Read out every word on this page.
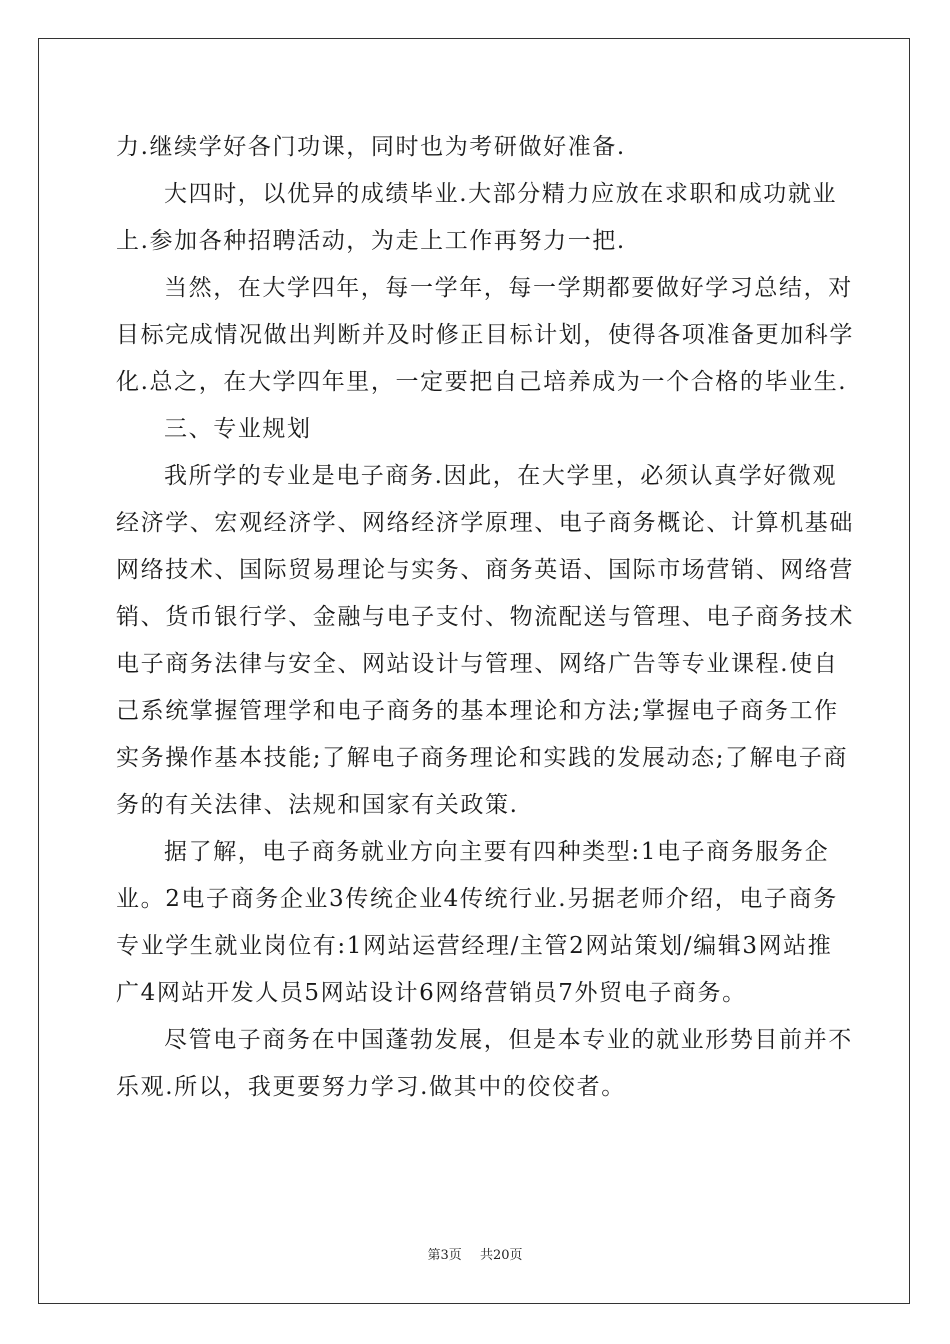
力.继续学好各门功课，同时也为考研做好准备.
大四时，以优异的成绩毕业.大部分精力应放在求职和成功就业
上.参加各种招聘活动，为走上工作再努力一把.
当然，在大学四年，每一学年，每一学期都要做好学习总结，对
目标完成情况做出判断并及时修正目标计划，使得各项准备更加科学
化.总之，在大学四年里，一定要把自己培养成为一个合格的毕业生.
三、专业规划
我所学的专业是电子商务.因此，在大学里，必须认真学好微观
经济学、宏观经济学、网络经济学原理、电子商务概论、计算机基础
网络技术、国际贸易理论与实务、商务英语、国际市场营销、网络营
销、货币银行学、金融与电子支付、物流配送与管理、电子商务技术
电子商务法律与安全、网站设计与管理、网络广告等专业课程.使自
己系统掌握管理学和电子商务的基本理论和方法;掌握电子商务工作
实务操作基本技能;了解电子商务理论和实践的发展动态;了解电子商
务的有关法律、法规和国家有关政策.
据了解，电子商务就业方向主要有四种类型:1电子商务服务企
业。2电子商务企业3传统企业4传统行业.另据老师介绍，电子商务
专业学生就业岗位有:1网站运营经理/主管2网站策划/编辑3网站推
广4网站开发人员5网站设计6网络营销员7外贸电子商务。
尽管电子商务在中国蓬勃发展，但是本专业的就业形势目前并不
乐观.所以，我更要努力学习.做其中的佼佼者。
第3页 共20页
